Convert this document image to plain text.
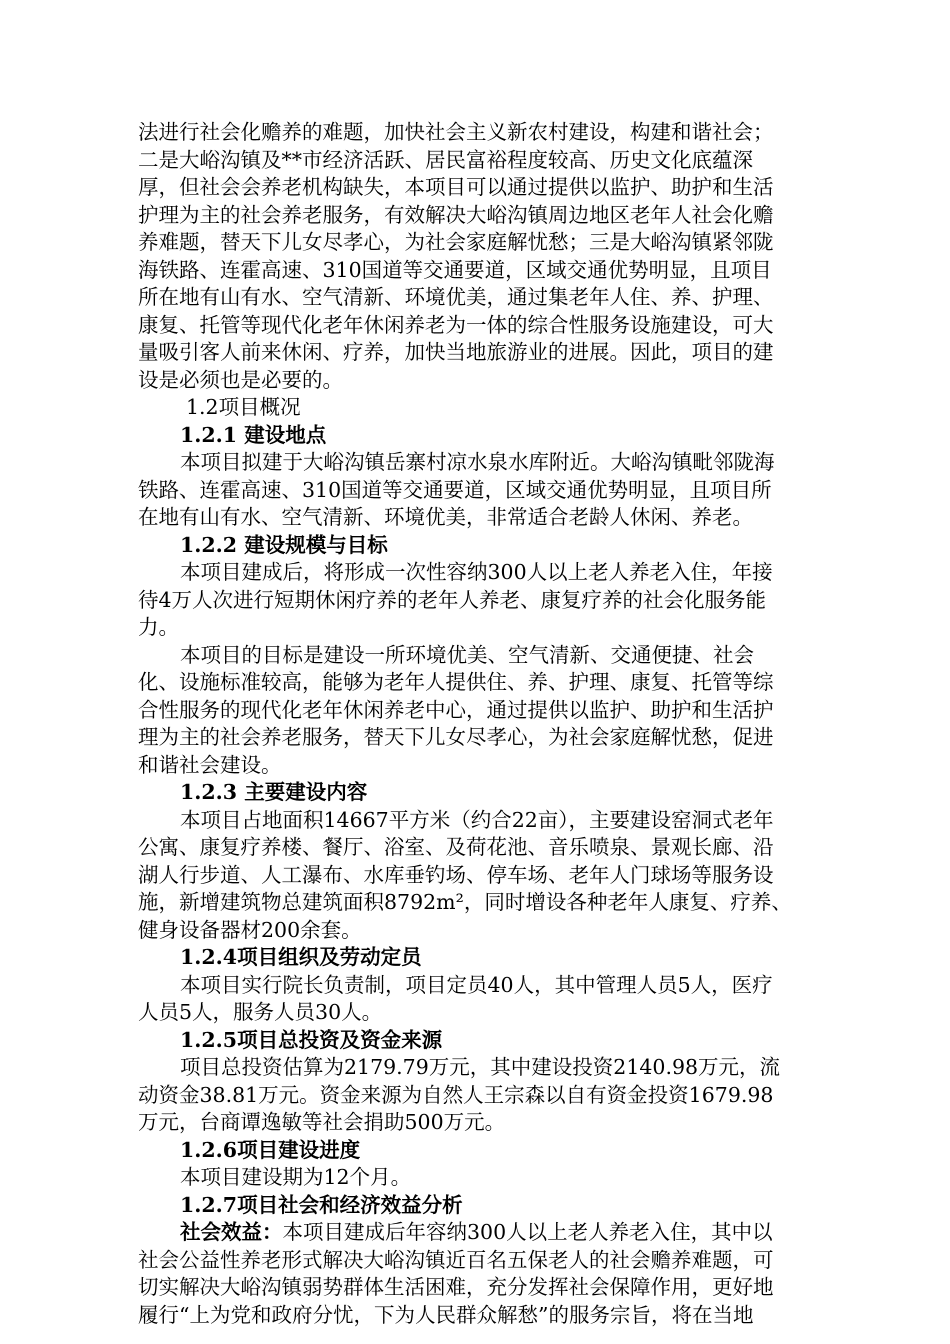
法进行社会化赡养的难题，加快社会主义新农村建设，构建和谐社会；
二是大峪沟镇及**市经济活跃、居民富裕程度较高、历史文化底蕴深
厚，但社会会养老机构缺失，本项目可以通过提供以监护、助护和生活
护理为主的社会养老服务，有效解决大峪沟镇周边地区老年人社会化赡
养难题，替天下儿女尽孝心，为社会家庭解忧愁；三是大峪沟镇紧邻陇
海铁路、连霍高速、310国道等交通要道，区域交通优势明显，且项目
所在地有山有水、空气清新、环境优美，通过集老年人住、养、护理、
康复、托管等现代化老年休闲养老为一体的综合性服务设施建设，可大
量吸引客人前来休闲、疗养，加快当地旅游业的进展。因此，项目的建
设是必须也是必要的。
1.2项目概况
1.2.1 建设地点
本项目拟建于大峪沟镇岳寨村凉水泉水库附近。大峪沟镇毗邻陇海
铁路、连霍高速、310国道等交通要道，区域交通优势明显，且项目所
在地有山有水、空气清新、环境优美，非常适合老龄人休闲、养老。
1.2.2 建设规模与目标
本项目建成后，将形成一次性容纳300人以上老人养老入住，年接
待4万人次进行短期休闲疗养的老年人养老、康复疗养的社会化服务能
力。
本项目的目标是建设一所环境优美、空气清新、交通便捷、社会
化、设施标准较高，能够为老年人提供住、养、护理、康复、托管等综
合性服务的现代化老年休闲养老中心，通过提供以监护、助护和生活护
理为主的社会养老服务，替天下儿女尽孝心，为社会家庭解忧愁，促进
和谐社会建设。
1.2.3 主要建设内容
本项目占地面积14667平方米（约合22亩），主要建设窑洞式老年
公寓、康复疗养楼、餐厅、浴室、及荷花池、音乐喷泉、景观长廊、沿
湖人行步道、人工瀑布、水库垂钓场、停车场、老年人门球场等服务设
施，新增建筑物总建筑面积8792m²，同时增设各种老年人康复、疗养、
健身设备器材200余套。
1.2.4项目组织及劳动定员
本项目实行院长负责制，项目定员40人，其中管理人员5人，医疗
人员5人，服务人员30人。
1.2.5项目总投资及资金来源
项目总投资估算为2179.79万元，其中建设投资2140.98万元，流
动资金38.81万元。资金来源为自然人王宗森以自有资金投资1679.98
万元，台商谭逸敏等社会捐助500万元。
1.2.6项目建设进度
本项目建设期为12个月。
1.2.7项目社会和经济效益分析
社会效益：本项目建成后年容纳300人以上老人养老入住，其中以
社会公益性养老形式解决大峪沟镇近百名五保老人的社会赡养难题，可
切实解决大峪沟镇弱势群体生活困难，充分发挥社会保障作用，更好地
履行“上为党和政府分忧，下为人民群众解愁”的服务宗旨，将在当地
